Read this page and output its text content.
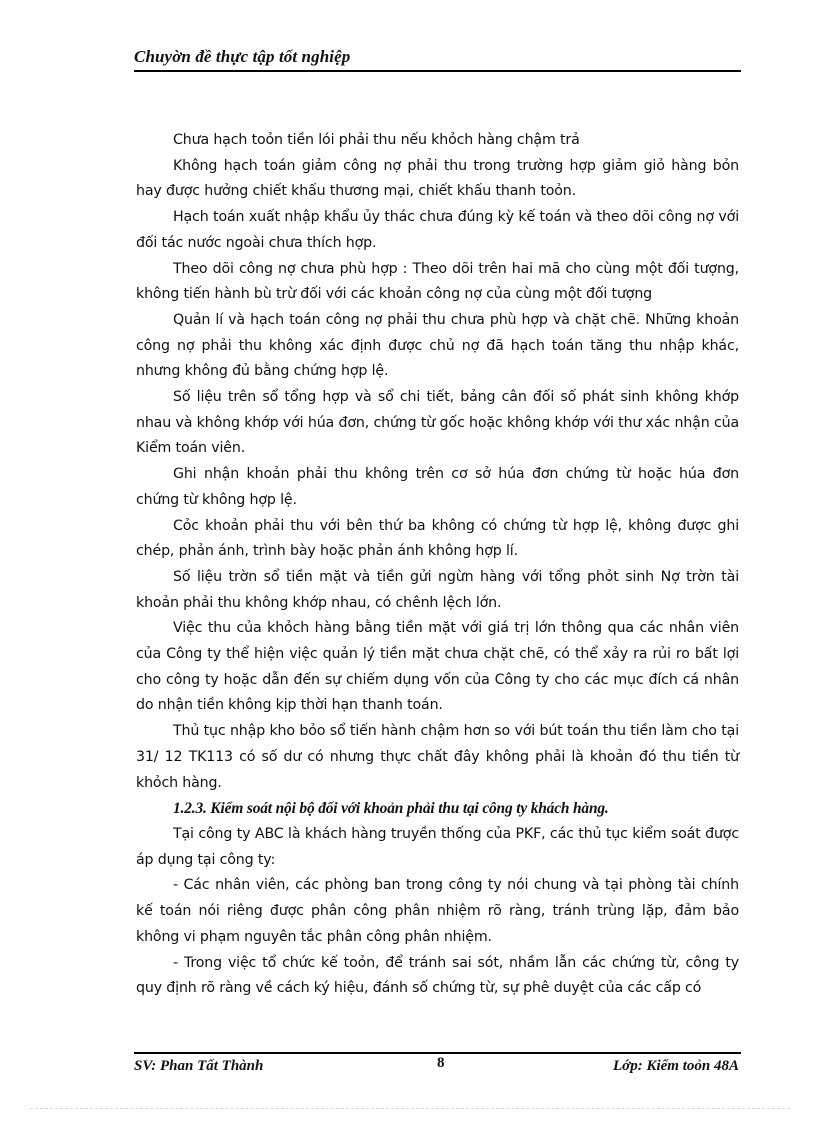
Chuyờn đề thực tập tốt nghiệp

Chưa hạch toỏn tiền lói phải thu nếu khỏch hàng chậm trả

Không hạch toán giảm công nợ phải thu trong trường hợp giảm giỏ hàng bỏn hay được hưởng chiết khấu thương mại, chiết khấu thanh toỏn.

Hạch toán xuất nhập khẩu ủy thác chưa đúng kỳ kế toán và theo dõi công nợ với đối tác nước ngoài chưa thích hợp.

Theo dõi công nợ chưa phù hợp : Theo dõi trên hai mã cho cùng một đối tượng, không tiến hành bù trừ đối với các khoản công nợ của cùng một đối tượng

Quản lí và hạch toán công nợ phải thu chưa phù hợp và chặt chẽ. Những khoản công nợ phải thu không xác định được chủ nợ đã hạch toán tăng thu nhập khác, nhưng không đủ bằng chứng hợp lệ.

Số liệu trên sổ tổng hợp và sổ chi tiết, bảng cân đối số phát sinh không khớp nhau và không khớp với húa đơn, chứng từ gốc hoặc không khớp với thư xác nhận của Kiểm toán viên.

Ghi nhận khoản phải thu không trên cơ sở húa đơn chứng từ hoặc húa đơn chứng từ không hợp lệ.

Cỏc khoản phải thu với bên thứ ba không có chứng từ hợp lệ, không được ghi chép, phản ánh, trình bày hoặc phản ánh không hợp lí.

Số liệu trờn sổ tiền mặt và tiền gửi ngừn hàng với tổng phỏt sinh Nợ trờn tài khoản phải thu không khớp nhau, có chênh lệch lớn.

Việc thu của khỏch hàng bằng tiền mặt với giá trị lớn thông qua các nhân viên của Công ty thể hiện việc quản lý tiền mặt chưa chặt chẽ, có thể xảy ra rủi ro bất lợi cho công ty hoặc dẫn đến sự chiếm dụng vốn của Công ty cho các mục đích cá nhân do nhận tiền không kịp thời hạn thanh toán.

Thủ tục nhập kho bỏo sổ tiến hành chậm hơn so với bút toán thu tiền làm cho tại 31/ 12 TK113 có số dư có nhưng thực chất đây không phải là khoản đó thu tiền từ khỏch hàng.

1.2.3. Kiểm soát nội bộ đối với khoản phải thu tại công ty khách hàng.

Tại công ty ABC là khách hàng truyền thống của PKF, các thủ tục kiểm soát được áp dụng tại công ty:

- Các nhân viên, các phòng ban trong công ty nói chung và tại phòng tài chính kế toán nói riêng được phân công phân nhiệm rõ ràng, tránh trùng lặp, đảm bảo không vi phạm nguyên tắc phân công phân nhiệm.

- Trong việc tổ chức kế toỏn, để tránh sai sót, nhầm lẫn các chứng từ, công ty quy định rõ ràng về cách ký hiệu, đánh số chứng từ, sự phê duyệt của các cấp có

SV: Phan Tất Thành	8	Lớp: Kiểm toỏn 48A
